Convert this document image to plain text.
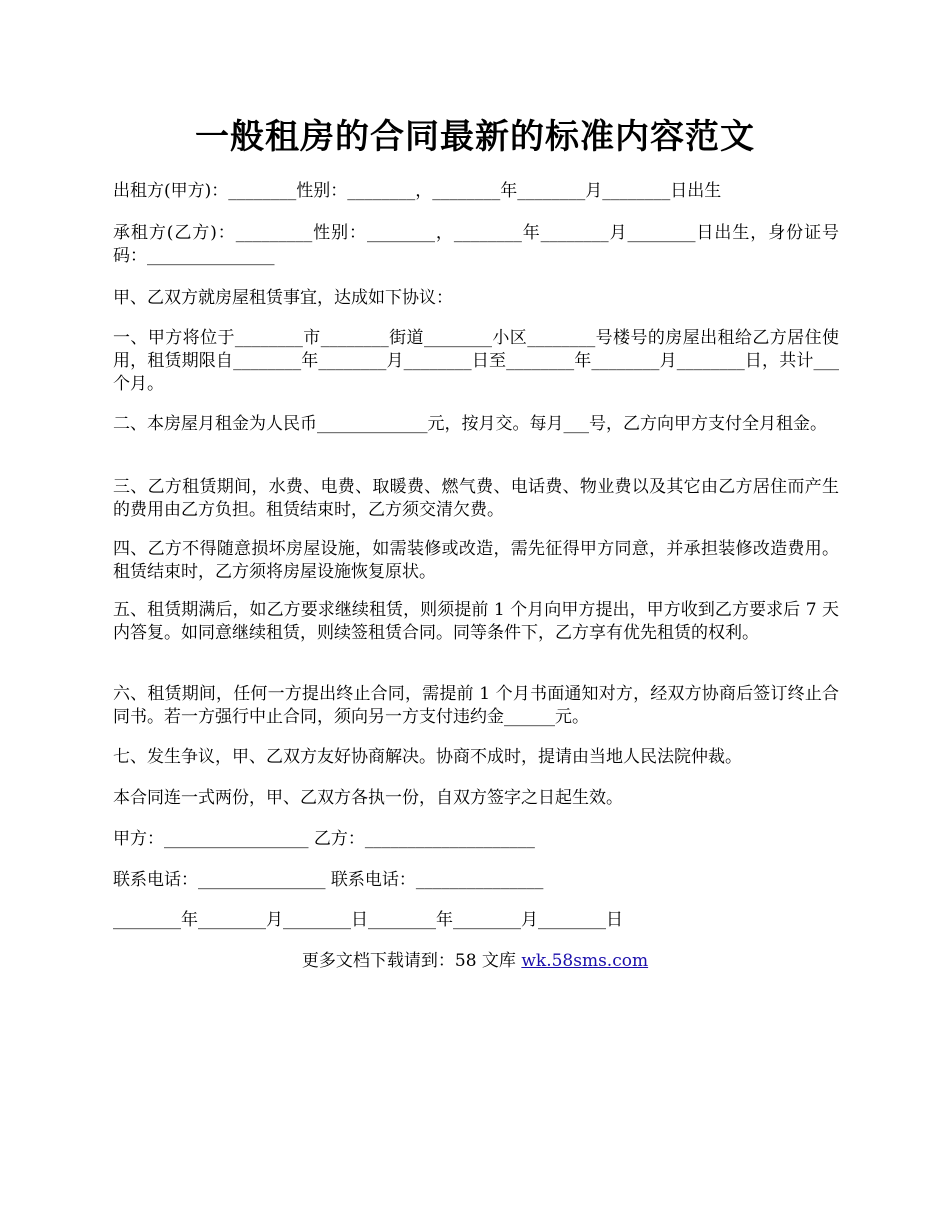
一般租房的合同最新的标准内容范文

出租方(甲方)：________性别：________，________年________月________日出生

承租方(乙方)：_________性别：________，________年________月________日出生，身份证号码：_______________

甲、乙双方就房屋租赁事宜，达成如下协议：

一、甲方将位于________市________街道________小区________号楼号的房屋出租给乙方居住使用，租赁期限自________年________月________日至________年________月________日，共计___个月。

二、本房屋月租金为人民币_____________元，按月交。每月___号，乙方向甲方支付全月租金。

三、乙方租赁期间，水费、电费、取暖费、燃气费、电话费、物业费以及其它由乙方居住而产生的费用由乙方负担。租赁结束时，乙方须交清欠费。

四、乙方不得随意损坏房屋设施，如需装修或改造，需先征得甲方同意，并承担装修改造费用。租赁结束时，乙方须将房屋设施恢复原状。

五、租赁期满后，如乙方要求继续租赁，则须提前 1 个月向甲方提出，甲方收到乙方要求后 7 天内答复。如同意继续租赁，则续签租赁合同。同等条件下，乙方享有优先租赁的权利。

六、租赁期间，任何一方提出终止合同，需提前 1 个月书面通知对方，经双方协商后签订终止合同书。若一方强行中止合同，须向另一方支付违约金______元。

七、发生争议，甲、乙双方友好协商解决。协商不成时，提请由当地人民法院仲裁。

本合同连一式两份，甲、乙双方各执一份，自双方签字之日起生效。

甲方：_________________ 乙方：____________________

联系电话：_______________ 联系电话：_______________

________年________月________日________年________月________日

更多文档下载请到：58 文库 wk.58sms.com
